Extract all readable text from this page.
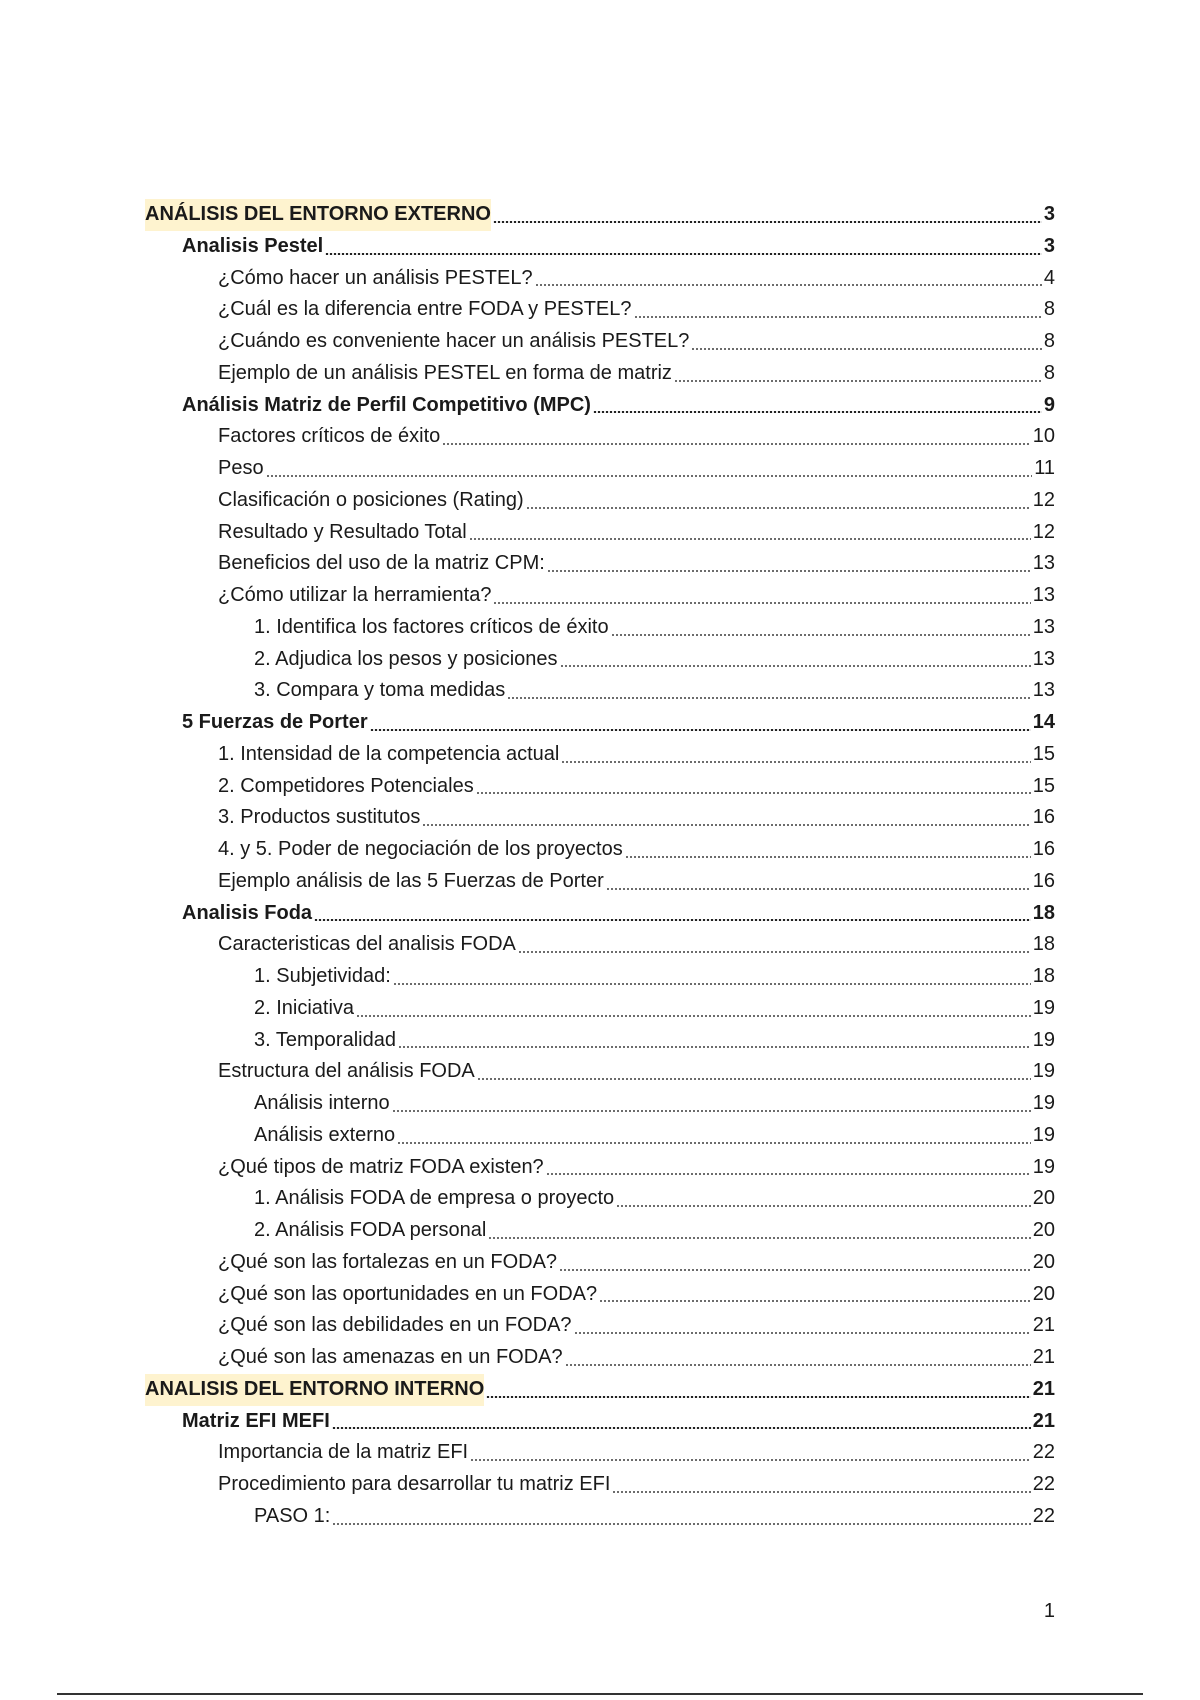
ANÁLISIS DEL ENTORNO EXTERNO	3
Analisis Pestel	3
¿Cómo hacer un análisis PESTEL?	4
¿Cuál es la diferencia entre FODA y PESTEL?	8
¿Cuándo es conveniente hacer un análisis PESTEL?	8
Ejemplo de un análisis PESTEL en forma de matriz	8
Análisis Matriz de Perfil Competitivo (MPC)	9
Factores críticos de éxito	10
Peso	11
Clasificación o posiciones (Rating)	12
Resultado y Resultado Total	12
Beneficios del uso de la matriz CPM:	13
¿Cómo utilizar la herramienta?	13
1. Identifica los factores críticos de éxito	13
2. Adjudica los pesos y posiciones	13
3. Compara y toma medidas	13
5 Fuerzas de Porter	14
1. Intensidad de la competencia actual	15
2. Competidores Potenciales	15
3. Productos sustitutos	16
4. y 5. Poder de negociación de los proyectos	16
Ejemplo análisis de las 5 Fuerzas de Porter	16
Analisis Foda	18
Caracteristicas del analisis FODA	18
1. Subjetividad:	18
2. Iniciativa	19
3. Temporalidad	19
Estructura del análisis FODA	19
Análisis interno	19
Análisis externo	19
¿Qué tipos de matriz FODA existen?	19
1. Análisis FODA de empresa o proyecto	20
2. Análisis FODA personal	20
¿Qué son las fortalezas en un FODA?	20
¿Qué son las oportunidades en un FODA?	20
¿Qué son las debilidades en un FODA?	21
¿Qué son las amenazas en un FODA?	21
ANALISIS DEL ENTORNO INTERNO	21
Matriz EFI MEFI	21
Importancia de la matriz EFI	22
Procedimiento para desarrollar tu matriz EFI	22
PASO 1:	22
1
